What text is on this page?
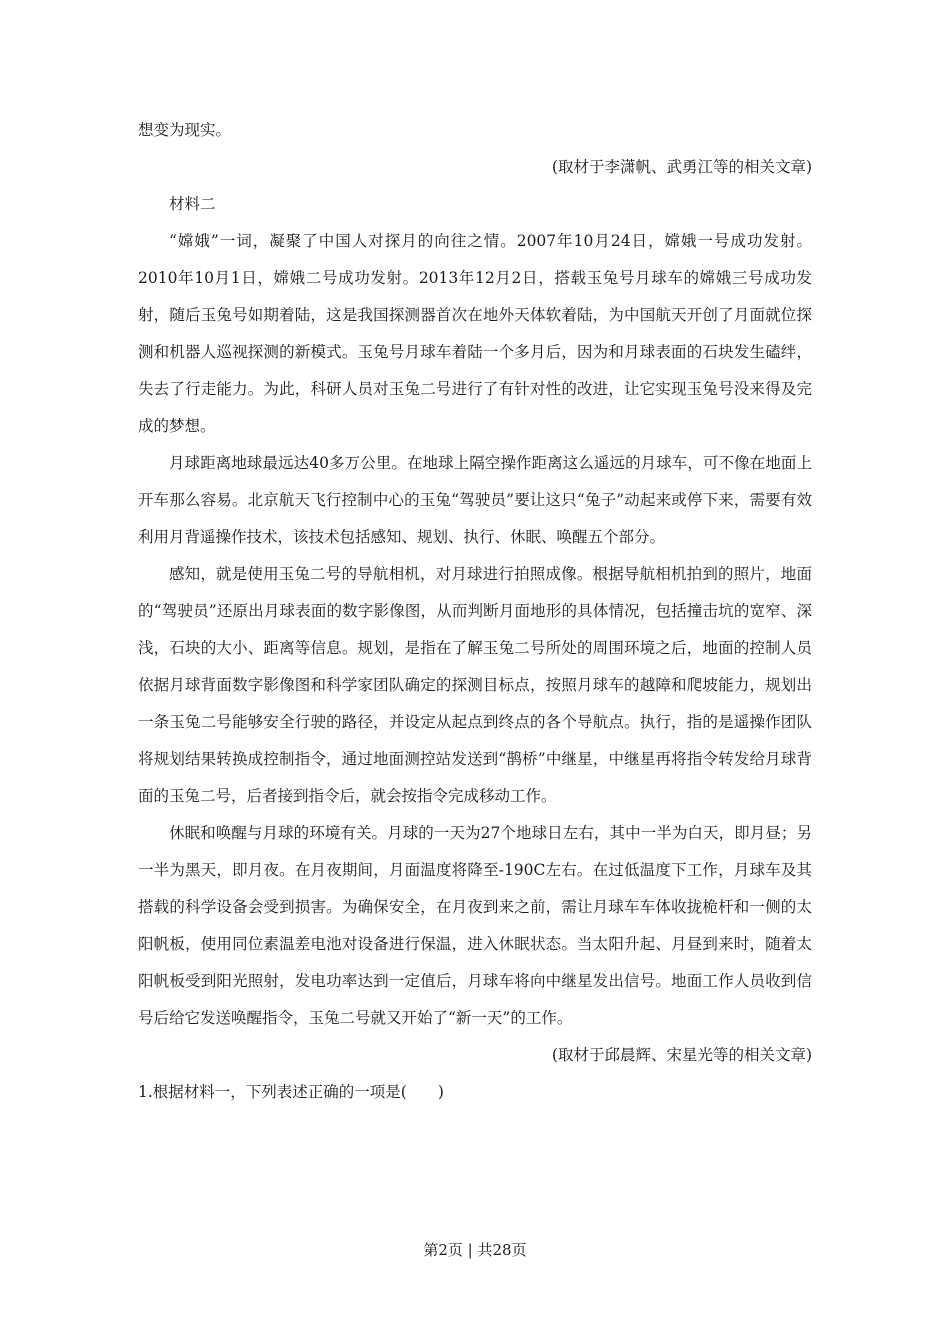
想变为现实。

(取材于李潇帆、武勇江等的相关文章)

材料二

“嫦娥”一词，凝聚了中国人对探月的向往之情。2007年10月24日，嫦娥一号成功发射。2010年10月1日，嫦娥二号成功发射。2013年12月2日，搭载玉兔号月球车的嫦娥三号成功发射，随后玉兔号如期着陆，这是我国探测器首次在地外天体软着陆，为中国航天开创了月面就位探测和机器人巡视探测的新模式。玉兔号月球车着陆一个多月后，因为和月球表面的石块发生磕绊，失去了行走能力。为此，科研人员对玉兔二号进行了有针对性的改进，让它实现玉兔号没来得及完成的梦想。

月球距离地球最远达40多万公里。在地球上隔空操作距离这么遥远的月球车，可不像在地面上开车那么容易。北京航天飞行控制中心的玉兔“驾驶员”要让这只“兔子”动起来或停下来，需要有效利用月背遥操作技术，该技术包括感知、规划、执行、休眠、唤醒五个部分。

感知，就是使用玉兔二号的导航相机，对月球进行拍照成像。根据导航相机拍到的照片，地面的“驾驶员”还原出月球表面的数字影像图，从而判断月面地形的具体情况，包括撞击坑的宽窄、深浅，石块的大小、距离等信息。规划，是指在了解玉兔二号所处的周围环境之后，地面的控制人员依据月球背面数字影像图和科学家团队确定的探测目标点，按照月球车的越障和爬坡能力，规划出一条玉兔二号能够安全行驶的路径，并设定从起点到终点的各个导航点。执行，指的是遥操作团队将规划结果转换成控制指令，通过地面测控站发送到“鹊桥”中继星，中继星再将指令转发给月球背面的玉兔二号，后者接到指令后，就会按指令完成移动工作。

休眠和唤醒与月球的环境有关。月球的一天为27个地球日左右，其中一半为白天，即月昼；另一半为黑天，即月夜。在月夜期间，月面温度将降至-190C左右。在过低温度下工作，月球车及其搭载的科学设备会受到损害。为确保安全，在月夜到来之前，需让月球车车体收拢桅杆和一侧的太阳帆板，使用同位素温差电池对设备进行保温，进入休眠状态。当太阳升起、月昼到来时，随着太阳帆板受到阳光照射，发电功率达到一定值后，月球车将向中继星发出信号。地面工作人员收到信号后给它发送唤醒指令，玉兔二号就又开始了“新一天”的工作。

(取材于邱晨辉、宋星光等的相关文章)

1.根据材料一，下列表述正确的一项是(　　)

第2页 | 共28页
